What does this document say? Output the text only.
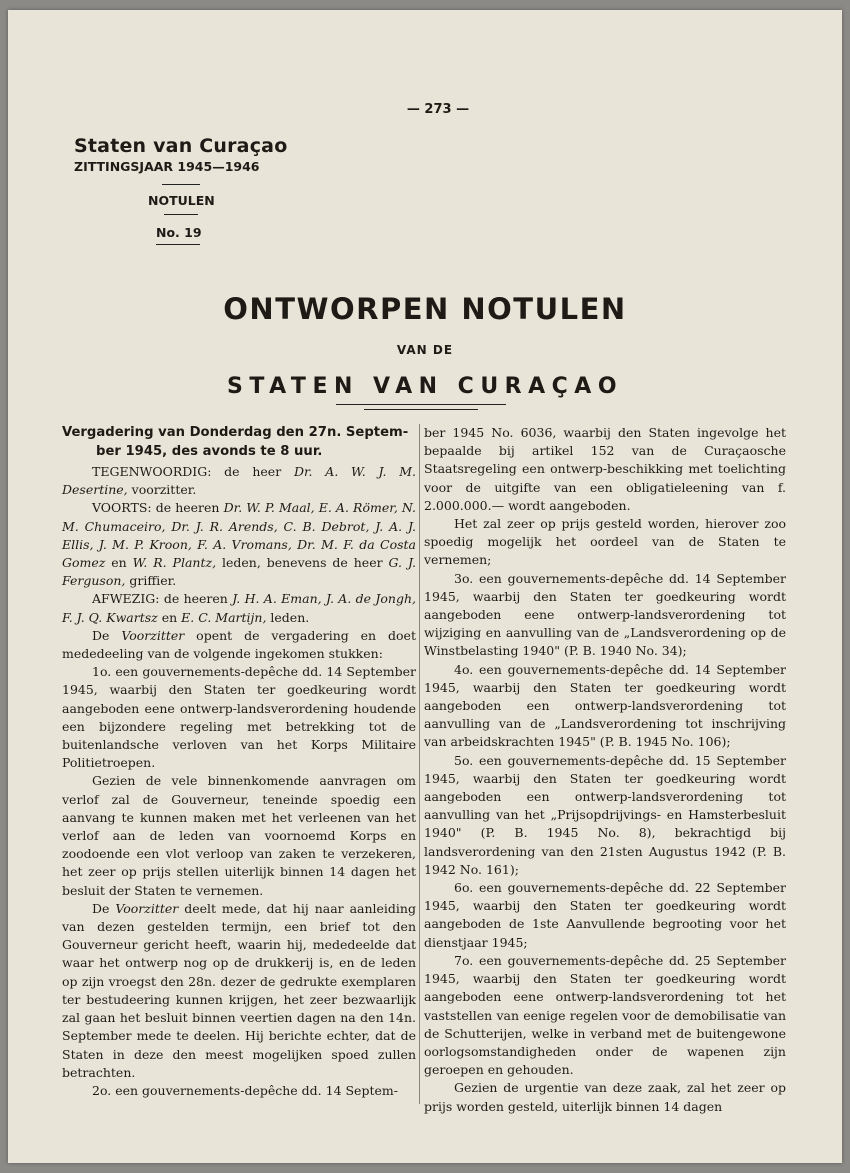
— 273 —
Staten van Curaçao
ZITTINGSJAAR 1945—1946
NOTULEN
No. 19
ONTWORPEN NOTULEN
VAN DE
STATEN VAN CURAÇAO
Vergadering van Donderdag den 27n. Septem-
ber 1945, des avonds te 8 uur.

TEGENWOORDIG: de heer Dr. A. W. J. M. Desertine, voorzitter.

VOORTS: de heeren Dr. W. P. Maal, E. A. Römer, N. M. Chumaceiro, Dr. J. R. Arends, C. B. Debrot, J. A. J. Ellis, J. M. P. Kroon, F. A. Vromans, Dr. M. F. da Costa Gomez en W. R. Plantz, leden, benevens de heer G. J. Ferguson, griffier.

AFWEZIG: de heeren J. H. A. Eman, J. A. de Jongh, F. J. Q. Kwartsz en E. C. Martijn, leden.

De Voorzitter opent de vergadering en doet mededeeling van de volgende ingekomen stukken:

1o. een gouvernements-depêche dd. 14 September 1945, waarbij den Staten ter goedkeuring wordt aangeboden eene ontwerp-landsverordening houdende een bijzondere regeling met betrekking tot de buitenlandsche verloven van het Korps Militaire Politietroepen.

Gezien de vele binnenkomende aanvragen om verlof zal de Gouverneur, teneinde spoedig een aanvang te kunnen maken met het verleenen van het verlof aan de leden van voornoemd Korps en zoodoende een vlot verloop van zaken te verzekeren, het zeer op prijs stellen uiterlijk binnen 14 dagen het besluit der Staten te vernemen.

De Voorzitter deelt mede, dat hij naar aanleiding van dezen gestelden termijn, een brief tot den Gouverneur gericht heeft, waarin hij, mededeelde dat waar het ontwerp nog op de drukkerij is, en de leden op zijn vroegst den 28n. dezer de gedrukte exemplaren ter bestudeering kunnen krijgen, het zeer bezwaarlijk zal gaan het besluit binnen veertien dagen na den 14n. September mede te deelen. Hij berichte echter, dat de Staten in deze den meest mogelijken spoed zullen betrachten.

2o. een gouvernements-depêche dd. 14 Septem-

ber 1945 No. 6036, waarbij den Staten ingevolge het bepaalde bij artikel 152 van de Curaçaosche Staatsregeling een ontwerp-beschikking met toelichting voor de uitgifte van een obligatieleening van f. 2.000.000.— wordt aangeboden.

Het zal zeer op prijs gesteld worden, hierover zoo spoedig mogelijk het oordeel van de Staten te vernemen;

3o. een gouvernements-depêche dd. 14 September 1945, waarbij den Staten ter goedkeuring wordt aangeboden eene ontwerp-landsverordening tot wijziging en aanvulling van de „Landsverordening op de Winstbelasting 1940" (P. B. 1940 No. 34);

4o. een gouvernements-depêche dd. 14 September 1945, waarbij den Staten ter goedkeuring wordt aangeboden een ontwerp-landsverordening tot aanvulling van de „Landsverordening tot inschrijving van arbeidskrachten 1945" (P. B. 1945 No. 106);

5o. een gouvernements-depêche dd. 15 September 1945, waarbij den Staten ter goedkeuring wordt aangeboden een ontwerp-landsverordening tot aanvulling van het „Prijsopdrijvings- en Hamsterbesluit 1940" (P. B. 1945 No. 8), bekrachtigd bij landsverordening van den 21sten Augustus 1942 (P. B. 1942 No. 161);

6o. een gouvernements-depêche dd. 22 September 1945, waarbij den Staten ter goedkeuring wordt aangeboden de 1ste Aanvullende begrooting voor het dienstjaar 1945;

7o. een gouvernements-depêche dd. 25 September 1945, waarbij den Staten ter goedkeuring wordt aangeboden eene ontwerp-landsverordening tot het vaststellen van eenige regelen voor de demobilisatie van de Schutterijen, welke in verband met de buitengewone oorlogsomstandigheden onder de wapenen zijn geroepen en gehouden.

Gezien de urgentie van deze zaak, zal het zeer op prijs worden gesteld, uiterlijk binnen 14 dagen
